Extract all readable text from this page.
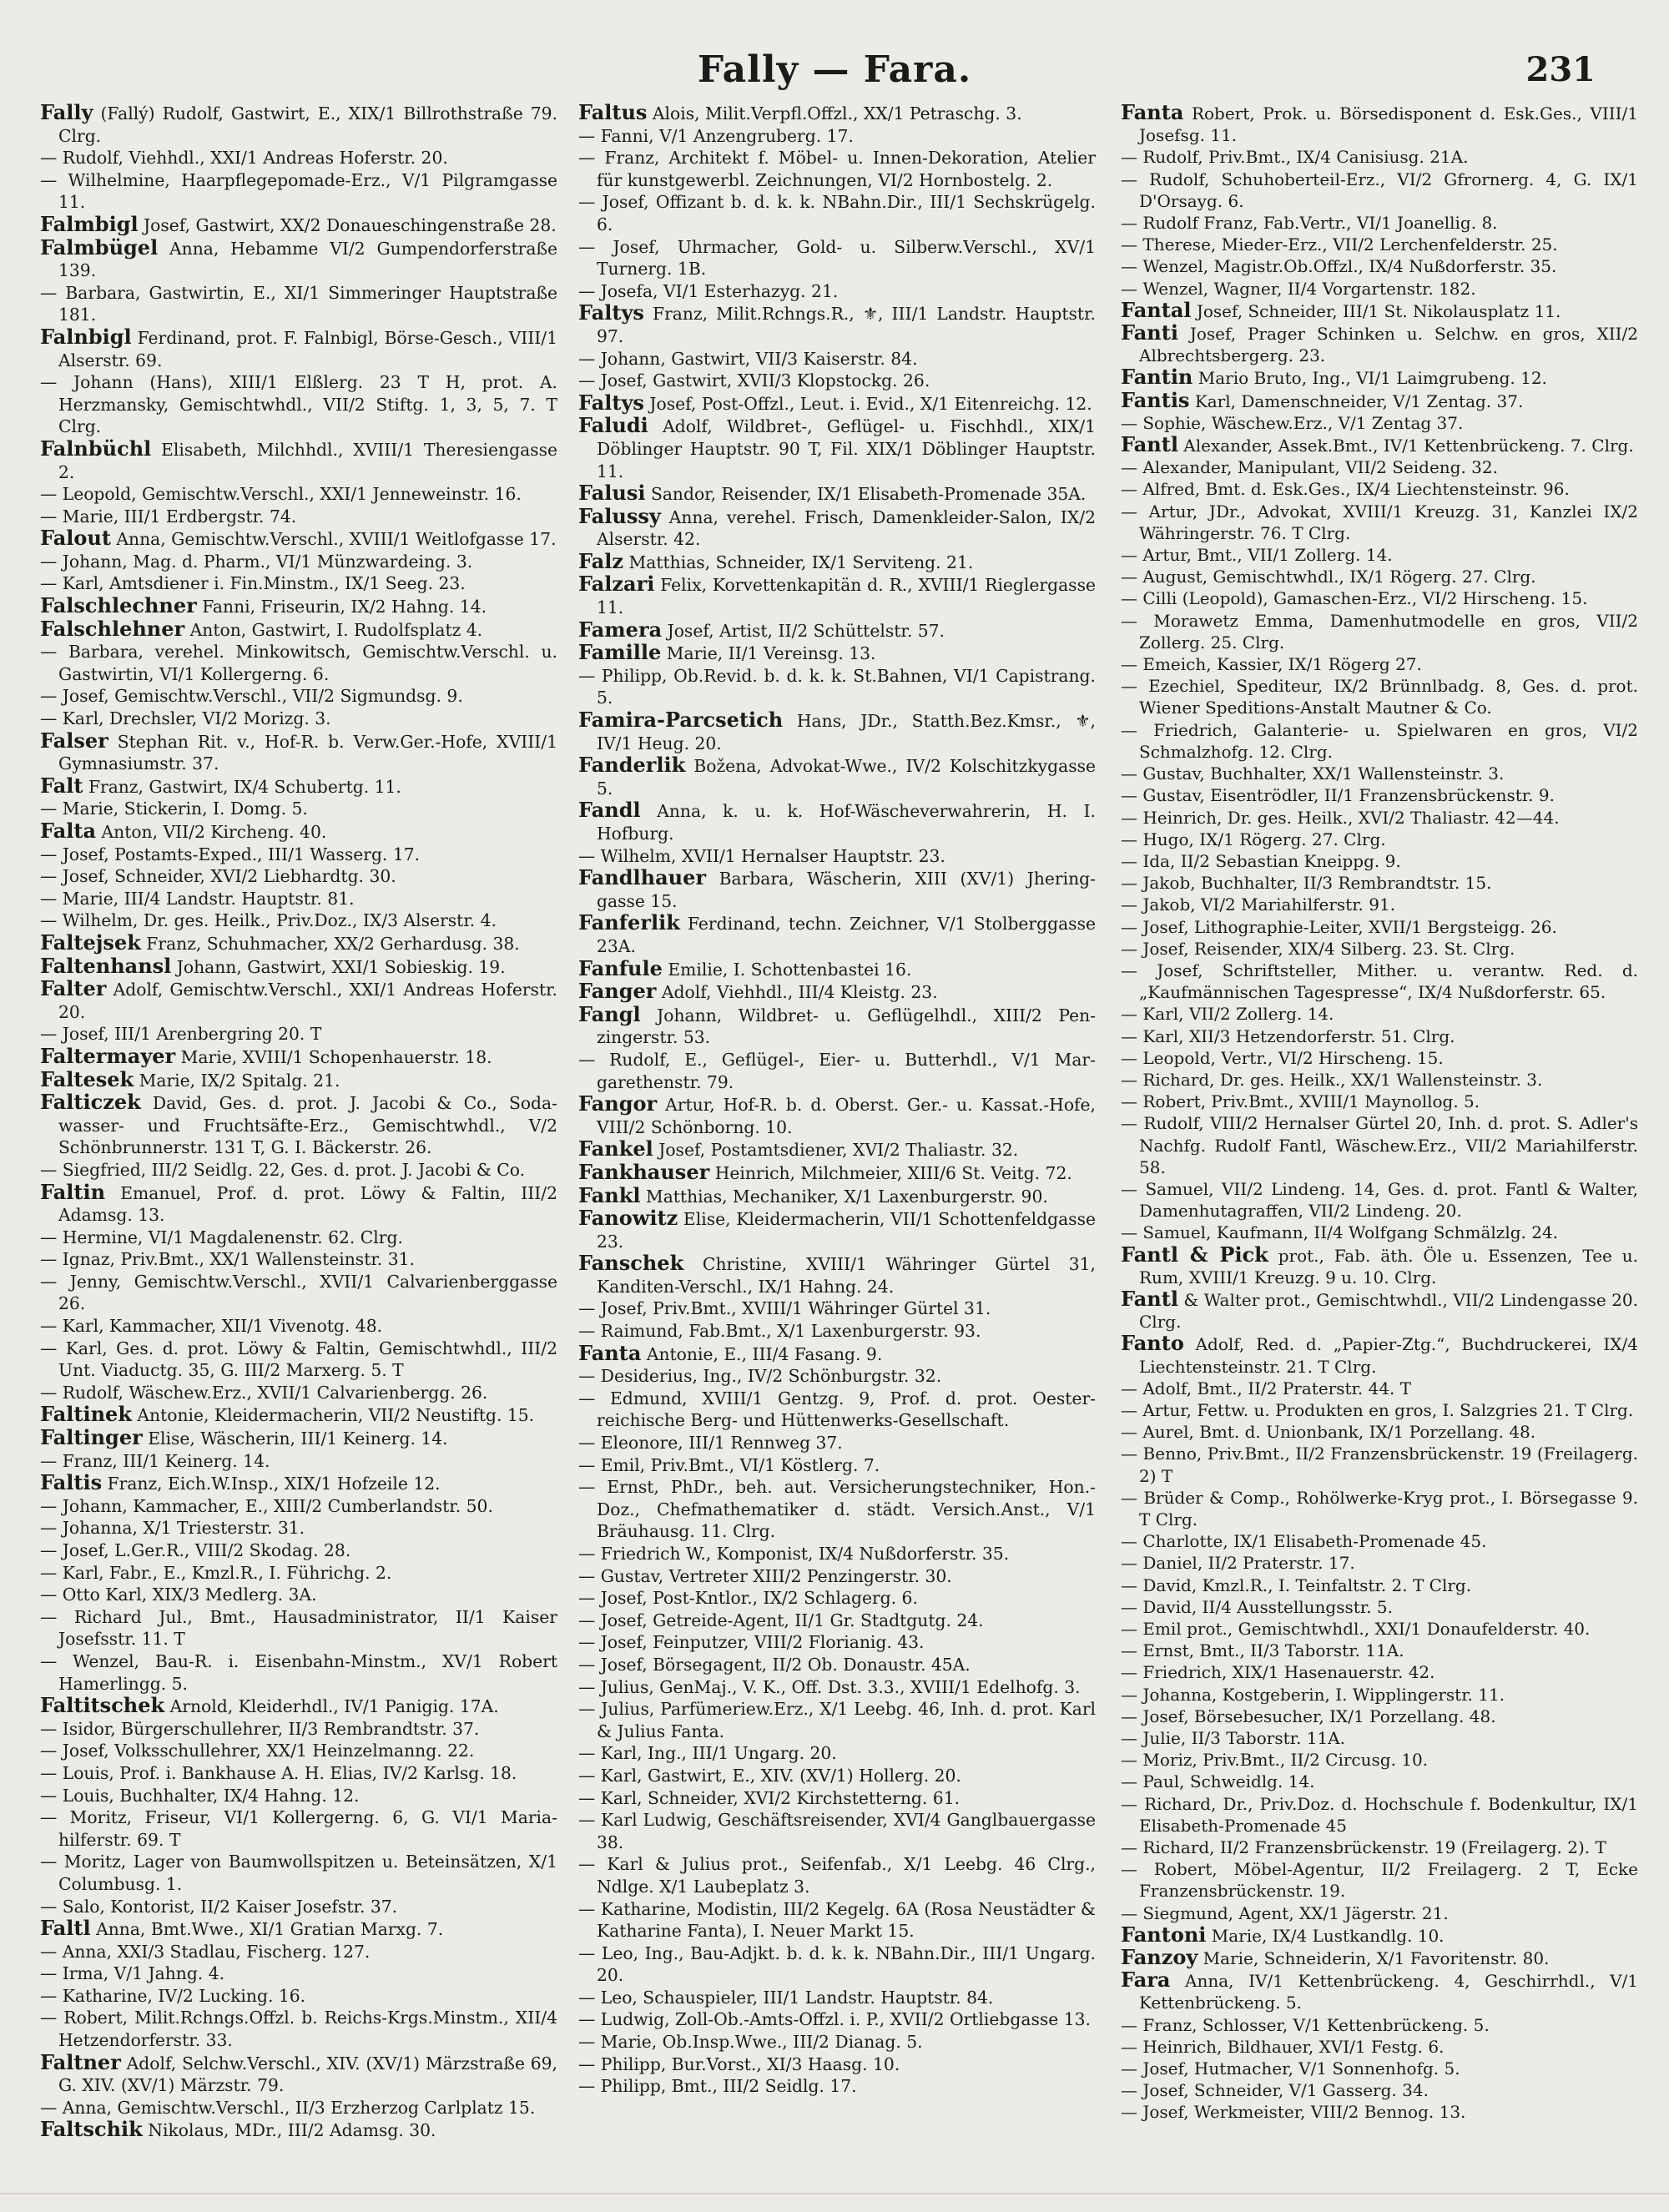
Fally — Fara.	231
Fally (Fallý) Rudolf, Gastwirt, E., XIX/1 Billrothstraße 79. Clrg.
— Rudolf, Viehhdl., XXI/1 Andreas Hoferstr. 20.
— Wilhelmine, Haarpflegepomade-Erz., V/1 Pilgramgasse 11.
Falmbigl Josef, Gastwirt, XX/2 Donaueschingenstraße 28.
Falmbügel Anna, Hebamme VI/2 Gumpendorferstraße 139.
— Barbara, Gastwirtin, E., XI/1 Simmeringer Hauptstraße 181.
Falnbigl Ferdinand, prot. F. Falnbigl, Börse-Gesch., VIII/1 Alserstr. 69.
— Johann (Hans), XIII/1 Elßlerg. 23 T H, prot. A. Herzmansky, Gemischtwhdl., VII/2 Stiftg. 1, 3, 5, 7. T Clrg.
Falnbüchl Elisabeth, Milchhdl., XVIII/1 Theresiengasse 2.
— Leopold, Gemischtw.Verschl., XXI/1 Jenneweinstr. 16.
— Marie, III/1 Erdbergstr. 74.
Falout Anna, Gemischtw.Verschl., XVIII/1 Weitlofgasse 17.
— Johann, Mag. d. Pharm., VI/1 Münzwardeing. 3.
— Karl, Amtsdiener i. Fin.Minstm., IX/1 Seeg. 23.
Falschlechner Fanni, Friseurin, IX/2 Hahng. 14.
Falschlehner Anton, Gastwirt, I. Rudolfsplatz 4.
— Barbara, verehel. Minkowitsch, Gemischtw.Verschl. u. Gastwirtin, VI/1 Kollergerng. 6.
— Josef, Gemischtw.Verschl., VII/2 Sigmundsg. 9.
— Karl, Drechsler, VI/2 Morizg. 3.
Falser Stephan Rit. v., Hof-R. b. Verw.Ger.-Hofe, XVIII/1 Gymnasiumstr. 37.
Falt Franz, Gastwirt, IX/4 Schubertg. 11.
— Marie, Stickerin, I. Domg. 5.
Falta Anton, VII/2 Kircheng. 40.
— Josef, Postamts-Exped., III/1 Wasserg. 17.
— Josef, Schneider, XVI/2 Liebhardtg. 30.
— Marie, III/4 Landstr. Hauptstr. 81.
— Wilhelm, Dr. ges. Heilk., Priv.Doz., IX/3 Alserstr. 4.
Faltejsek Franz, Schuhmacher, XX/2 Gerhardusg. 38.
Faltenhansl Johann, Gastwirt, XXI/1 Sobieskig. 19.
Falter Adolf, Gemischtw.Verschl., XXI/1 Andreas Hoferstr. 20.
— Josef, III/1 Arenbergring 20. T
Faltermayer Marie, XVIII/1 Schopenhauerstr. 18.
Faltesek Marie, IX/2 Spitalg. 21.
Falticzek David, Ges. d. prot. J. Jacobi & Co., Sodawasser- und Fruchtsäfte-Erz., Gemischtwhdl., V/2 Schönbrunnerstr. 131 T, G. I. Bäckerstr. 26.
— Siegfried, III/2 Seidlg. 22, Ges. d. prot. J. Jacobi & Co.
Faltin Emanuel, Prof. d. prot. Löwy & Faltin, III/2 Adamsg. 13.
— Hermine, VI/1 Magdalenenstr. 62. Clrg.
— Ignaz, Priv.Bmt., XX/1 Wallensteinstr. 31.
— Jenny, Gemischtw.Verschl., XVII/1 Calvarienberggasse 26.
— Karl, Kammacher, XII/1 Vivenotg. 48.
— Karl, Ges. d. prot. Löwy & Faltin, Gemischtwhdl., III/2 Unt. Viaductg. 35, G. III/2 Marxerg. 5. T
— Rudolf, Wäschew.Erz., XVII/1 Calvarienbergg. 26.
Faltinek Antonie, Kleidermacherin, VII/2 Neustiftg. 15.
Faltinger Elise, Wäscherin, III/1 Keinerg. 14.
— Franz, III/1 Keinerg. 14.
Faltis Franz, Eich.W.Insp., XIX/1 Hofzeile 12.
— Johann, Kammacher, E., XIII/2 Cumberlandstr. 50.
— Johanna, X/1 Triesterstr. 31.
— Josef, L.Ger.R., VIII/2 Skodag. 28.
— Karl, Fabr., E., Kmzl.R., I. Führichg. 2.
— Otto Karl, XIX/3 Medlerg. 3A.
— Richard Jul., Bmt., Hausadministrator, II/1 Kaiser Josefsstr. 11. T
— Wenzel, Bau-R. i. Eisenbahn-Minstm., XV/1 Robert Hamerlingg. 5.
Faltitschek Arnold, Kleiderhdl., IV/1 Panigig. 17A.
— Isidor, Bürgerschullehrer, II/3 Rembrandtstr. 37.
— Josef, Volksschullehrer, XX/1 Heinzelmanng. 22.
— Louis, Prof. i. Bankhause A. H. Elias, IV/2 Karlsg. 18.
— Louis, Buchhalter, IX/4 Hahng. 12.
— Moritz, Friseur, VI/1 Kollergerng. 6, G. VI/1 Mariahilferstr. 69. T
— Moritz, Lager von Baumwollspitzen u. Beteinsätzen, X/1 Columbusg. 1.
— Salo, Kontorist, II/2 Kaiser Josefstr. 37.
Faltl Anna, Bmt.Wwe., XI/1 Gratian Marxg. 7.
— Anna, XXI/3 Stadlau, Fischerg. 127.
— Irma, V/1 Jahng. 4.
— Katharine, IV/2 Lucking. 16.
— Robert, Milit.Rchngs.Offzl. b. Reichs-Krgs.Minstm., XII/4 Hetzendorferstr. 33.
Faltner Adolf, Selchw.Verschl., XIV. (XV/1) Märzstraße 69, G. XIV. (XV/1) Märzstr. 79.
— Anna, Gemischtw.Verschl., II/3 Erzherzog Carlplatz 15.
Faltschik Nikolaus, MDr., III/2 Adamsg. 30.
Faltus Alois, Milit.Verpfl.Offzl., XX/1 Petraschg. 3.
— Fanni, V/1 Anzengruberg. 17.
— Franz, Architekt f. Möbel- u. Innen-Dekoration, Atelier für kunstgewerbl. Zeichnungen, VI/2 Hornbostelg. 2.
— Josef, Offizant b. d. k. k. NBahn.Dir., III/1 Sechskrügelg. 6.
— Josef, Uhrmacher, Gold- u. Silberw.Verschl., XV/1 Turnerg. 1B.
— Josefa, VI/1 Esterhazyg. 21.
Faltys Franz, Milit.Rchngs.R., ⚜, III/1 Landstr. Hauptstr. 97.
— Johann, Gastwirt, VII/3 Kaiserstr. 84.
— Josef, Gastwirt, XVII/3 Klopstockg. 26.
Faltys Josef, Post-Offzl., Leut. i. Evid., X/1 Eitenreichg. 12.
Faludi Adolf, Wildbret-, Geflügel- u. Fischhdl., XIX/1 Döblinger Hauptstr. 90 T, Fil. XIX/1 Döblinger Hauptstr. 11.
Falusi Sandor, Reisender, IX/1 Elisabeth-Promenade 35A.
Falussy Anna, verehel. Frisch, Damenkleider-Salon, IX/2 Alserstr. 42.
Falz Matthias, Schneider, IX/1 Serviteng. 21.
Falzari Felix, Korvettenkapitän d. R., XVIII/1 Rieglergasse 11.
Famera Josef, Artist, II/2 Schüttelstr. 57.
Famille Marie, II/1 Vereinsg. 13.
— Philipp, Ob.Revid. b. d. k. k. St.Bahnen, VI/1 Capistrang. 5.
Famira-Parcsetich Hans, JDr., Statth.Bez.Kmsr., ⚜, IV/1 Heug. 20.
Fanderlik Božena, Advokat-Wwe., IV/2 Kolschitzkygasse 5.
Fandl Anna, k. u. k. Hof-Wäscheverwahrerin, H. I. Hofburg.
— Wilhelm, XVII/1 Hernalser Hauptstr. 23.
Fandlhauer Barbara, Wäscherin, XIII (XV/1) Jheringgasse 15.
Fanferlik Ferdinand, techn. Zeichner, V/1 Stolberggasse 23A.
Fanfule Emilie, I. Schottenbastei 16.
Fanger Adolf, Viehhdl., III/4 Kleistg. 23.
Fangl Johann, Wildbret- u. Geflügelhdl., XIII/2 Penzingerstr. 53.
— Rudolf, E., Geflügel-, Eier- u. Butterhdl., V/1 Margarethenstr. 79.
Fangor Artur, Hof-R. b. d. Oberst. Ger.- u. Kassat.-Hofe, VIII/2 Schönborng. 10.
Fankel Josef, Postamtsdiener, XVI/2 Thaliastr. 32.
Fankhauser Heinrich, Milchmeier, XIII/6 St. Veitg. 72.
Fankl Matthias, Mechaniker, X/1 Laxenburgerstr. 90.
Fanowitz Elise, Kleidermacherin, VII/1 Schottenfeldgasse 23.
Fanschek Christine, XVIII/1 Währinger Gürtel 31, Kanditen-Verschl., IX/1 Hahng. 24.
— Josef, Priv.Bmt., XVIII/1 Währinger Gürtel 31.
— Raimund, Fab.Bmt., X/1 Laxenburgerstr. 93.
Fanta Antonie, E., III/4 Fasang. 9.
— Desiderius, Ing., IV/2 Schönburgstr. 32.
— Edmund, XVIII/1 Gentzg. 9, Prof. d. prot. Oesterreichische Berg- und Hüttenwerks-Gesellschaft.
— Eleonore, III/1 Rennweg 37.
— Emil, Priv.Bmt., VI/1 Köstlerg. 7.
— Ernst, PhDr., beh. aut. Versicherungstechniker, Hon.-Doz., Chefmathematiker d. städt. Versich.Anst., V/1 Bräuhausg. 11. Clrg.
— Friedrich W., Komponist, IX/4 Nußdorferstr. 35.
— Gustav, Vertreter XIII/2 Penzingerstr. 30.
— Josef, Post-Kntlor., IX/2 Schlagerg. 6.
— Josef, Getreide-Agent, II/1 Gr. Stadtgutg. 24.
— Josef, Feinputzer, VIII/2 Florianig. 43.
— Josef, Börsegagent, II/2 Ob. Donaustr. 45A.
— Julius, GenMaj., V. K., Off. Dst. 3.3., XVIII/1 Edelhofg. 3.
— Julius, Parfümeriew.Erz., X/1 Leebg. 46, Inh. d. prot. Karl & Julius Fanta.
— Karl, Ing., III/1 Ungarg. 20.
— Karl, Gastwirt, E., XIV. (XV/1) Hollerg. 20.
— Karl, Schneider, XVI/2 Kirchstetterng. 61.
— Karl Ludwig, Geschäftsreisender, XVI/4 Ganglbauergasse 38.
— Karl & Julius prot., Seifenfab., X/1 Leebg. 46 Clrg., Ndlge. X/1 Laubeplatz 3.
— Katharine, Modistin, III/2 Kegelg. 6A (Rosa Neustädter & Katharine Fanta), I. Neuer Markt 15.
— Leo, Ing., Bau-Adjkt. b. d. k. k. NBahn.Dir., III/1 Ungarg. 20.
— Leo, Schauspieler, III/1 Landstr. Hauptstr. 84.
— Ludwig, Zoll-Ob.-Amts-Offzl. i. P., XVII/2 Ortliebgasse 13.
— Marie, Ob.Insp.Wwe., III/2 Dianag. 5.
— Philipp, Bur.Vorst., XI/3 Haasg. 10.
— Philipp, Bmt., III/2 Seidlg. 17.
Fanta Robert, Prok. u. Börsedisponent d. Esk.Ges., VIII/1 Josefsg. 11.
— Rudolf, Priv.Bmt., IX/4 Canisiusg. 21A.
— Rudolf, Schuhoberteil-Erz., VI/2 Gfrornerg. 4, G. IX/1 D'Orsayg. 6.
— Rudolf Franz, Fab.Vertr., VI/1 Joanellig. 8.
— Therese, Mieder-Erz., VII/2 Lerchenfelderstr. 25.
— Wenzel, Magistr.Ob.Offzl., IX/4 Nußdorferstr. 35.
— Wenzel, Wagner, II/4 Vorgartenstr. 182.
Fantal Josef, Schneider, III/1 St. Nikolausplatz 11.
Fanti Josef, Prager Schinken u. Selchw. en gros, XII/2 Albrechtsbergerg. 23.
Fantin Mario Bruto, Ing., VI/1 Laimgrubeng. 12.
Fantis Karl, Damenschneider, V/1 Zentag. 37.
— Sophie, Wäschew.Erz., V/1 Zentag 37.
Fantl Alexander, Assek.Bmt., IV/1 Kettenbrückeng. 7. Clrg.
— Alexander, Manipulant, VII/2 Seideng. 32.
— Alfred, Bmt. d. Esk.Ges., IX/4 Liechtensteinstr. 96.
— Artur, JDr., Advokat, XVIII/1 Kreuzg. 31, Kanzlei IX/2 Währingerstr. 76. T Clrg.
— Artur, Bmt., VII/1 Zollerg. 14.
— August, Gemischtwhdl., IX/1 Rögerg. 27. Clrg.
— Cilli (Leopold), Gamaschen-Erz., VI/2 Hirscheng. 15.
— Morawetz Emma, Damenhutmodelle en gros, VII/2 Zollerg. 25. Clrg.
— Emeich, Kassier, IX/1 Rögerg 27.
— Ezechiel, Spediteur, IX/2 Brünnlbadg. 8, Ges. d. prot. Wiener Speditions-Anstalt Mautner & Co.
— Friedrich, Galanterie- u. Spielwaren en gros, VI/2 Schmalzhofg. 12. Clrg.
— Gustav, Buchhalter, XX/1 Wallensteinstr. 3.
— Gustav, Eisentrödler, II/1 Franzensbrückenstr. 9.
— Heinrich, Dr. ges. Heilk., XVI/2 Thaliastr. 42—44.
— Hugo, IX/1 Rögerg. 27. Clrg.
— Ida, II/2 Sebastian Kneippg. 9.
— Jakob, Buchhalter, II/3 Rembrandtstr. 15.
— Jakob, VI/2 Mariahilferstr. 91.
— Josef, Lithographie-Leiter, XVII/1 Bergsteigg. 26.
— Josef, Reisender, XIX/4 Silberg. 23. St. Clrg.
— Josef, Schriftsteller, Mither. u. verantw. Red. d. „Kaufmännischen Tagespresse“, IX/4 Nußdorferstr. 65.
— Karl, VII/2 Zollerg. 14.
— Karl, XII/3 Hetzendorferstr. 51. Clrg.
— Leopold, Vertr., VI/2 Hirscheng. 15.
— Richard, Dr. ges. Heilk., XX/1 Wallensteinstr. 3.
— Robert, Priv.Bmt., XVIII/1 Maynollog. 5.
— Rudolf, VIII/2 Hernalser Gürtel 20, Inh. d. prot. S. Adler's Nachfg. Rudolf Fantl, Wäschew.Erz., VII/2 Mariahilferstr. 58.
— Samuel, VII/2 Lindeng. 14, Ges. d. prot. Fantl & Walter, Damenhutagraffen, VII/2 Lindeng. 20.
— Samuel, Kaufmann, II/4 Wolfgang Schmälzlg. 24.
Fantl & Pick prot., Fab. äth. Öle u. Essenzen, Tee u. Rum, XVIII/1 Kreuzg. 9 u. 10. Clrg.
Fantl & Walter prot., Gemischtwhdl., VII/2 Lindengasse 20. Clrg.
Fanto Adolf, Red. d. „Papier-Ztg.“, Buchdruckerei, IX/4 Liechtensteinstr. 21. T Clrg.
— Adolf, Bmt., II/2 Praterstr. 44. T
— Artur, Fettw. u. Produkten en gros, I. Salzgries 21. T Clrg.
— Aurel, Bmt. d. Unionbank, IX/1 Porzellang. 48.
— Benno, Priv.Bmt., II/2 Franzensbrückenstr. 19 (Freilagerg. 2) T
— Brüder & Comp., Rohölwerke-Kryg prot., I. Börsegasse 9. T Clrg.
— Charlotte, IX/1 Elisabeth-Promenade 45.
— Daniel, II/2 Praterstr. 17.
— David, Kmzl.R., I. Teinfaltstr. 2. T Clrg.
— David, II/4 Ausstellungsstr. 5.
— Emil prot., Gemischtwhdl., XXI/1 Donaufelderstr. 40.
— Ernst, Bmt., II/3 Taborstr. 11A.
— Friedrich, XIX/1 Hasenauerstr. 42.
— Johanna, Kostgeberin, I. Wipplingerstr. 11.
— Josef, Börsebesucher, IX/1 Porzellang. 48.
— Julie, II/3 Taborstr. 11A.
— Moriz, Priv.Bmt., II/2 Circusg. 10.
— Paul, Schweidlg. 14.
— Richard, Dr., Priv.Doz. d. Hochschule f. Bodenkultur, IX/1 Elisabeth-Promenade 45
— Richard, II/2 Franzensbrückenstr. 19 (Freilagerg. 2). T
— Robert, Möbel-Agentur, II/2 Freilagerg. 2 T, Ecke Franzensbrückenstr. 19.
— Siegmund, Agent, XX/1 Jägerstr. 21.
Fantoni Marie, IX/4 Lustkandlg. 10.
Fanzoy Marie, Schneiderin, X/1 Favoritenstr. 80.
Fara Anna, IV/1 Kettenbrückeng. 4, Geschirrhdl., V/1 Kettenbrückeng. 5.
— Franz, Schlosser, V/1 Kettenbrückeng. 5.
— Heinrich, Bildhauer, XVI/1 Festg. 6.
— Josef, Hutmacher, V/1 Sonnenhofg. 5.
— Josef, Schneider, V/1 Gasserg. 34.
— Josef, Werkmeister, VIII/2 Bennog. 13.
